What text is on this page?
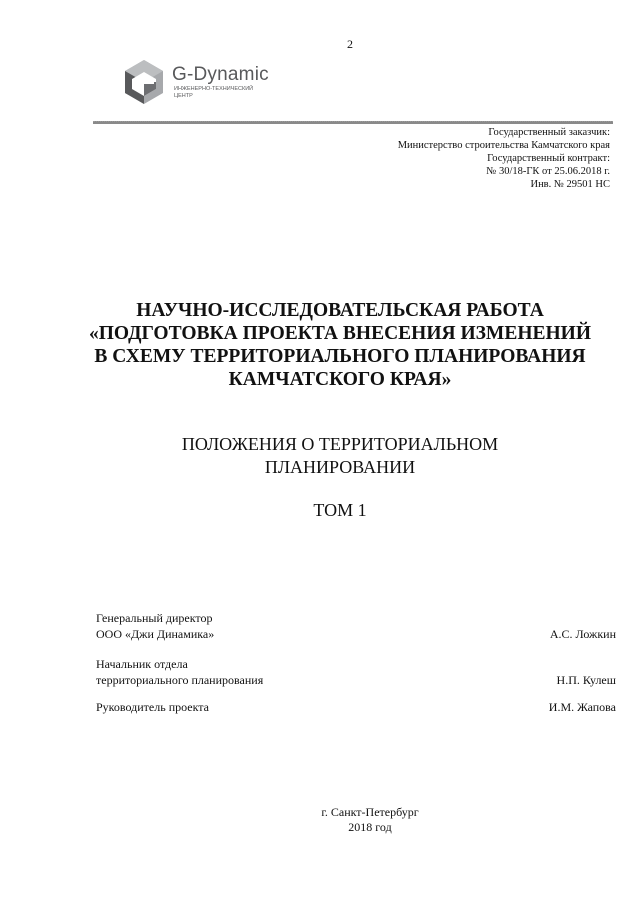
2
G-Dynamic
ИНЖЕНЕРНО-ТЕХНИЧЕСКИЙ
ЦЕНТР
Государственный заказчик:
Министерство строительства Камчатского края
Государственный контракт:
№ 30/18-ГК от 25.06.2018 г.
Инв. № 29501 НС
НАУЧНО-ИССЛЕДОВАТЕЛЬСКАЯ РАБОТА
«ПОДГОТОВКА ПРОЕКТА ВНЕСЕНИЯ ИЗМЕНЕНИЙ
В СХЕМУ ТЕРРИТОРИАЛЬНОГО ПЛАНИРОВАНИЯ
КАМЧАТСКОГО КРАЯ»
ПОЛОЖЕНИЯ О ТЕРРИТОРИАЛЬНОМ
ПЛАНИРОВАНИИ
ТОМ 1
Генеральный директор
ООО «Джи Динамика»	А.С. Ложкин
Начальник отдела
территориального планирования	Н.П. Кулеш
Руководитель проекта	И.М. Жапова
г. Санкт-Петербург
2018 год
